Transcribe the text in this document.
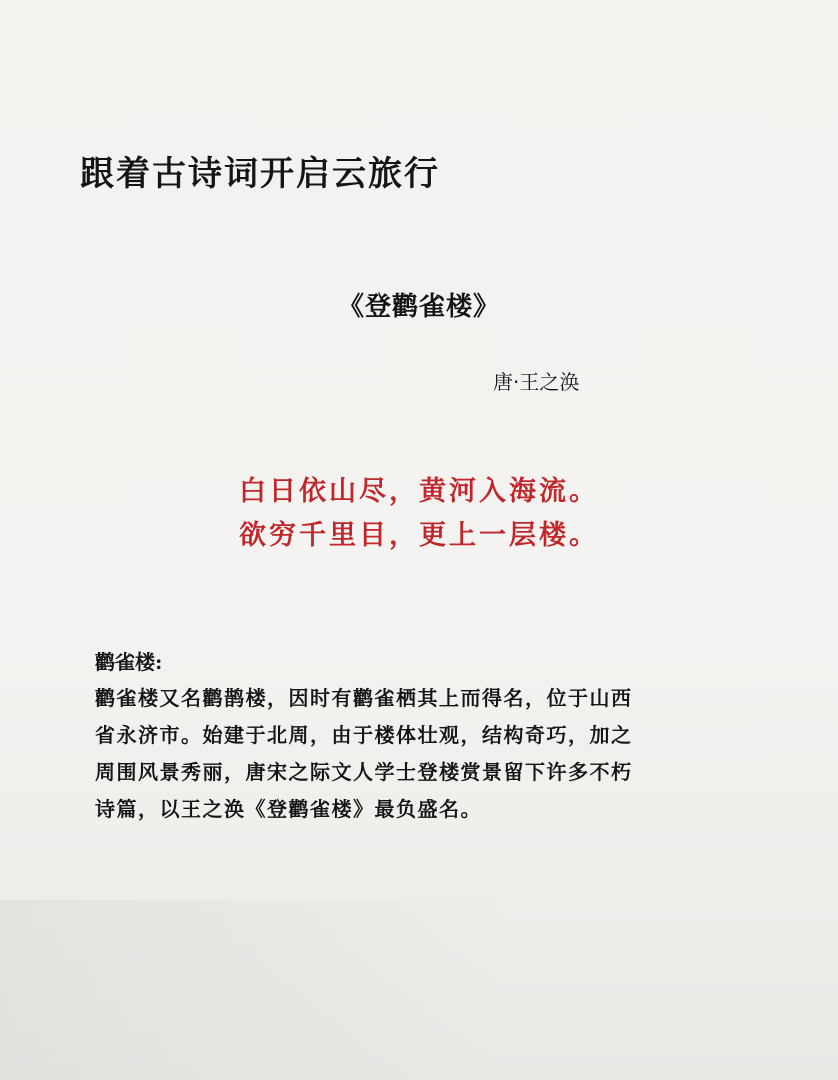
跟着古诗词开启云旅行
《登鹳雀楼》
唐·王之涣
白日依山尽，黄河入海流。
欲穷千里目，更上一层楼。
鹳雀楼:
鹳雀楼又名鹳鹊楼，因时有鹳雀栖其上而得名，位于山西
省永济市。始建于北周，由于楼体壮观，结构奇巧，加之
周围风景秀丽，唐宋之际文人学士登楼赏景留下许多不朽
诗篇，以王之涣《登鹳雀楼》最负盛名。
